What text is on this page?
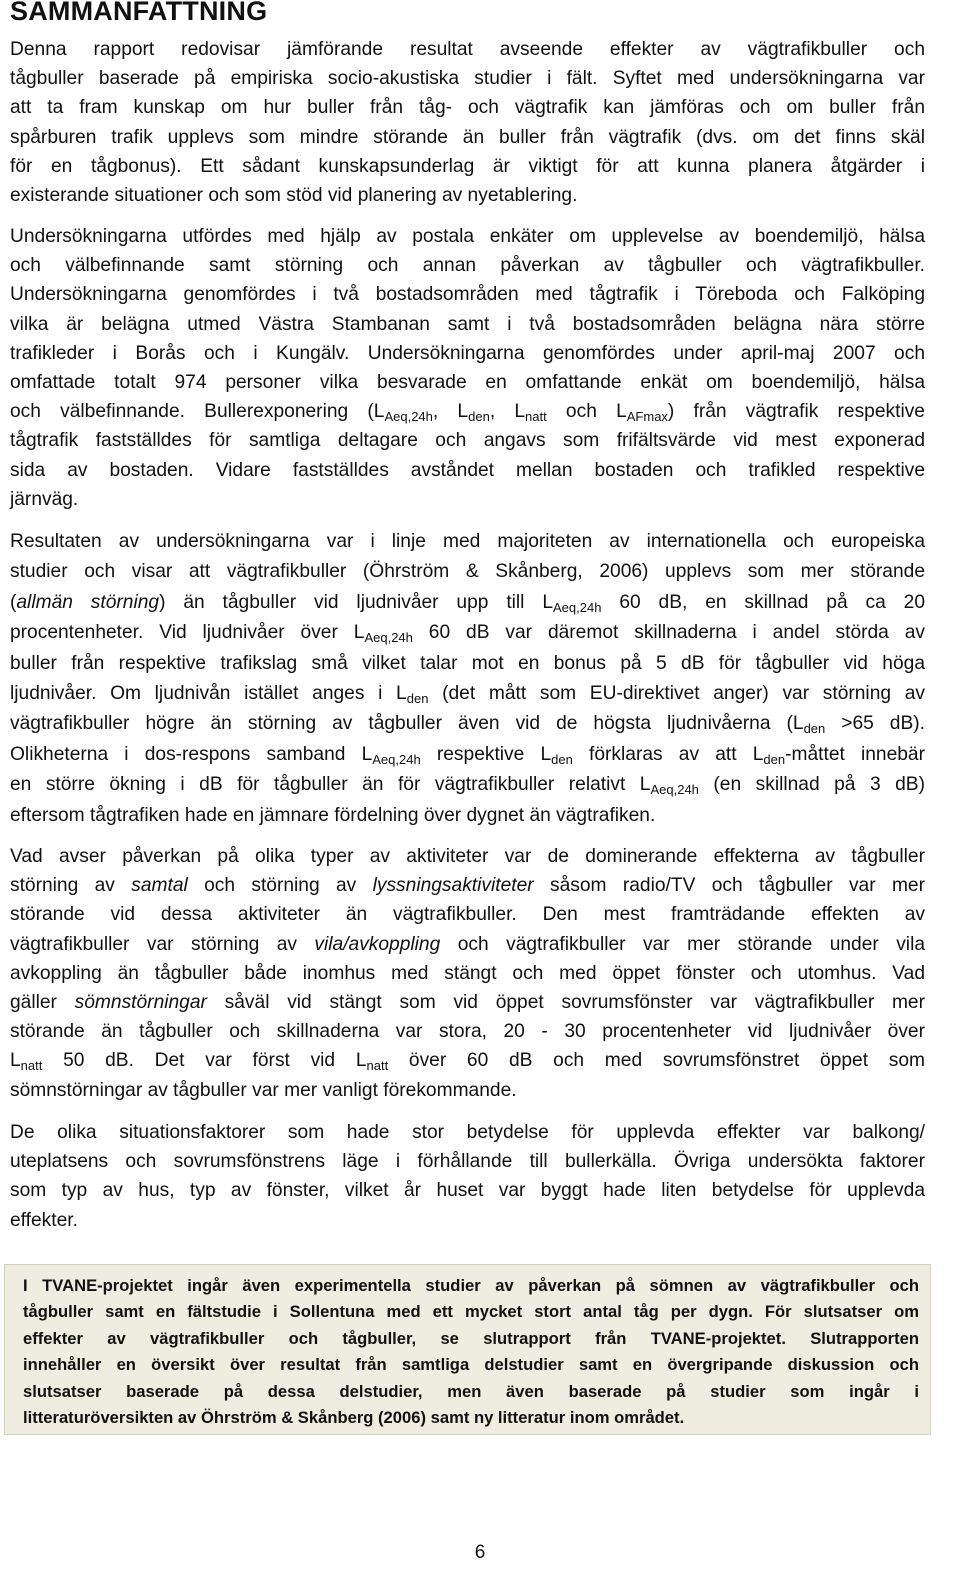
SAMMANFATTNING
Denna rapport redovisar jämförande resultat avseende effekter av vägtrafikbuller och
tågbuller baserade på empiriska socio-akustiska studier i fält. Syftet med undersökningarna var
att ta fram kunskap om hur buller från tåg- och vägtrafik kan jämföras och om buller från
spårburen trafik upplevs som mindre störande än buller från vägtrafik (dvs. om det finns skäl
för en tågbonus). Ett sådant kunskapsunderlag är viktigt för att kunna planera åtgärder i
existerande situationer och som stöd vid planering av nyetablering.
Undersökningarna utfördes med hjälp av postala enkäter om upplevelse av boendemiljö, hälsa
och välbefinnande samt störning och annan påverkan av tågbuller och vägtrafikbuller.
Undersökningarna genomfördes i två bostadsområden med tågtrafik i Töreboda och Falköping
vilka är belägna utmed Västra Stambanan samt i två bostadsområden belägna nära större
trafikleder i Borås och i Kungälv. Undersökningarna genomfördes under april-maj 2007 och
omfattade totalt 974 personer vilka besvarade en omfattande enkät om boendemiljö, hälsa
och välbefinnande. Bullerexponering ($L_{Aeq,24h}$, $L_{den}$, $L_{natt}$ och $L_{AFmax}$) från vägtrafik respektive
tågtrafik fastställdes för samtliga deltagare och angavs som frifältsvärde vid mest exponerad
sida av bostaden. Vidare fastställdes avståndet mellan bostaden och trafikled respektive
järnväg.
Resultaten av undersökningarna var i linje med majoriteten av internationella och europeiska
studier och visar att vägtrafikbuller (Öhrström & Skånberg, 2006) upplevs som mer störande
(allmän störning) än tågbuller vid ljudnivåer upp till $L_{Aeq,24h}$ 60 dB, en skillnad på ca 20
procentenheter. Vid ljudnivåer över $L_{Aeq,24h}$ 60 dB var däremot skillnaderna i andel störda av
buller från respektive trafikslag små vilket talar mot en bonus på 5 dB för tågbuller vid höga
ljudnivåer. Om ljudnivån istället anges i $L_{den}$ (det mått som EU-direktivet anger) var störning av
vägtrafikbuller högre än störning av tågbuller även vid de högsta ljudnivåerna ($L_{den} >65$ dB).
Olikheterna i dos-respons samband $L_{Aeq,24h}$ respektive $L_{den}$ förklaras av att $L_{den}$-måttet innebär
en större ökning i dB för tågbuller än för vägtrafikbuller relativt $L_{Aeq,24h}$ (en skillnad på 3 dB)
eftersom tågtrafiken hade en jämnare fördelning över dygnet än vägtrafiken.
Vad avser påverkan på olika typer av aktiviteter var de dominerande effekterna av tågbuller
störning av samtal och störning av lyssningsaktiviteter såsom radio/TV och tågbuller var mer
störande vid dessa aktiviteter än vägtrafikbuller. Den mest framträdande effekten av
vägtrafikbuller var störning av vila/avkoppling och vägtrafikbuller var mer störande under vila
avkoppling än tågbuller både inomhus med stängt och med öppet fönster och utomhus. Vad
gäller sömnstörningar såväl vid stängt som vid öppet sovrumsfönster var vägtrafikbuller mer
störande än tågbuller och skillnaderna var stora, 20 - 30 procentenheter vid ljudnivåer över
$L_{natt}$ 50 dB. Det var först vid $L_{natt}$ över 60 dB och med sovrumsfönstret öppet som
sömnstörningar av tågbuller var mer vanligt förekommande.
De olika situationsfaktorer som hade stor betydelse för upplevda effekter var balkong/
uteplatsens och sovrumsfönstrens läge i förhållande till bullerkälla. Övriga undersökta faktorer
som typ av hus, typ av fönster, vilket år huset var byggt hade liten betydelse för upplevda
effekter.
I TVANE-projektet ingår även experimentella studier av påverkan på sömnen av vägtrafikbuller och
tågbuller samt en fältstudie i Sollentuna med ett mycket stort antal tåg per dygn. För slutsatser om
effekter av vägtrafikbuller och tågbuller, se slutrapport från TVANE-projektet. Slutrapporten
innehåller en översikt över resultat från samtliga delstudier samt en övergripande diskussion och
slutsatser baserade på dessa delstudier, men även baserade på studier som ingår i
litteraturöversikten av Öhrström & Skånberg (2006) samt ny litteratur inom området.
6
